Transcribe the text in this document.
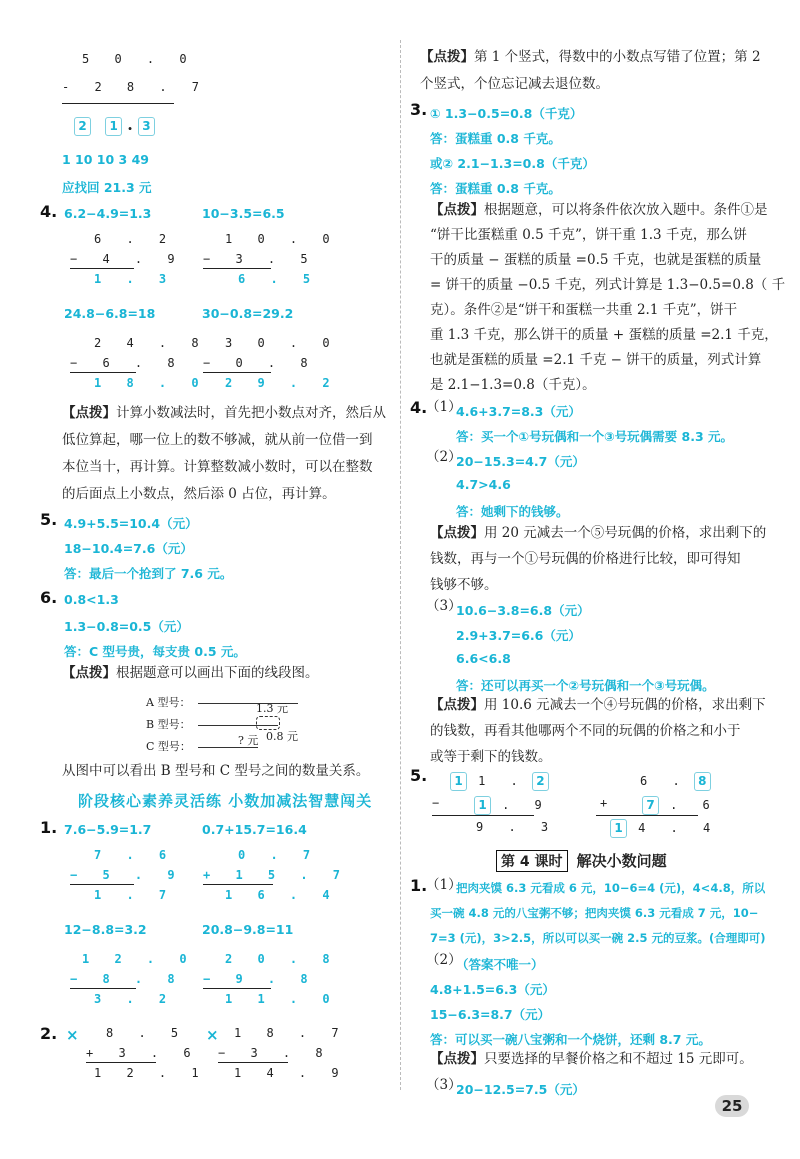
5 0 . 0
- 2 8 . 7
2 1 . 3
1 10 10 3 49
应找回 21.3 元
4. 6.2−4.9=1.3	10−3.5=6.5
6 . 2
− 4 . 9
1 . 3
1 0 . 0
− 3 . 5
6 . 5
24.8−6.8=18	30−0.8=29.2
2 4 . 8
− 6 . 8
1 8 . 0
3 0 . 0
− 0 . 8
2 9 . 2
【点拨】计算小数减法时，首先把小数点对齐，然后从
低位算起，哪一位上的数不够减，就从前一位借一到
本位当十，再计算。计算整数减小数时，可以在整数
的后面点上小数点，然后添 0 占位，再计算。
5. 4.9+5.5=10.4（元）
18−10.4=7.6（元）
答：最后一个抢到了 7.6 元。
6. 0.8<1.3
1.3−0.8=0.5（元）
答：C 型号贵，每支贵 0.5 元。
【点拨】根据题意可以画出下面的线段图。
A 型号：	1.3 元
B 型号：
0.8 元
C 型号：	? 元
从图中可以看出 B 型号和 C 型号之间的数量关系。
阶段核心素养灵活练 小数加减法智慧闯关
1. 7.6−5.9=1.7	0.7+15.7=16.4
7 . 6
− 5 . 9
1 . 7
0 . 7
+ 1 5 . 7
1 6 . 4
12−8.8=3.2	20.8−9.8=11
1 2 . 0
− 8 . 8
3 . 2
2 0 . 8
− 9 . 8
1 1 . 0
2. × 8 . 5
+ 3 . 6
1 2 . 1
× 1 8 . 7
− 3 . 8
1 4 . 9
【点拨】第 1 个竖式，得数中的小数点写错了位置；第 2
个竖式，个位忘记减去退位数。
3. ① 1.3−0.5=0.8（千克）
答：蛋糕重 0.8 千克。
或② 2.1−1.3=0.8（千克）
答：蛋糕重 0.8 千克。
【点拨】根据题意，可以将条件依次放入题中。条件①是
“饼干比蛋糕重 0.5 千克”，饼干重 1.3 千克，那么饼
干的质量 − 蛋糕的质量 =0.5 千克，也就是蛋糕的质量
= 饼干的质量 −0.5 千克，列式计算是 1.3−0.5=0.8（ 千
克）。条件②是“饼干和蛋糕一共重 2.1 千克”，饼干
重 1.3 千克，那么饼干的质量 + 蛋糕的质量 =2.1 千克，
也就是蛋糕的质量 =2.1 千克 − 饼干的质量，列式计算
是 2.1−1.3=0.8（千克）。
4.
（1）
4.6+3.7=8.3（元）
答：买一个①号玩偶和一个③号玩偶需要 8.3 元。
（2）
20−15.3=4.7（元）
4.7>4.6
答：她剩下的钱够。
【点拨】用 20 元减去一个⑤号玩偶的价格，求出剩下的
钱数，再与一个①号玩偶的价格进行比较，即可得知
钱够不够。
（3）
10.6−3.8=6.8（元）
2.9+3.7=6.6（元）
6.6<6.8
答：还可以再买一个②号玩偶和一个③号玩偶。
【点拨】用 10.6 元减去一个④号玩偶的价格，求出剩下
的钱数，再看其他哪两个不同的玩偶的价格之和小于
或等于剩下的钱数。
5.	1 1 . 2
−	1 . 9
9 . 3
6 . 8
+	7 . 6
1 4 . 4
第 4 课时 解决小数问题
1.
（1）
把肉夹馍 6.3 元看成 6 元，10−6=4 (元)，4<4.8，所以
买一碗 4.8 元的八宝粥不够；把肉夹馍 6.3 元看成 7 元，10−
7=3 (元)，3>2.5，所以可以买一碗 2.5 元的豆浆。(合理即可)
（2）
（答案不唯一）
4.8+1.5=6.3（元）
15−6.3=8.7（元）
答：可以买一碗八宝粥和一个烧饼，还剩 8.7 元。
【点拨】只要选择的早餐价格之和不超过 15 元即可。
（3）
20−12.5=7.5（元）
25
